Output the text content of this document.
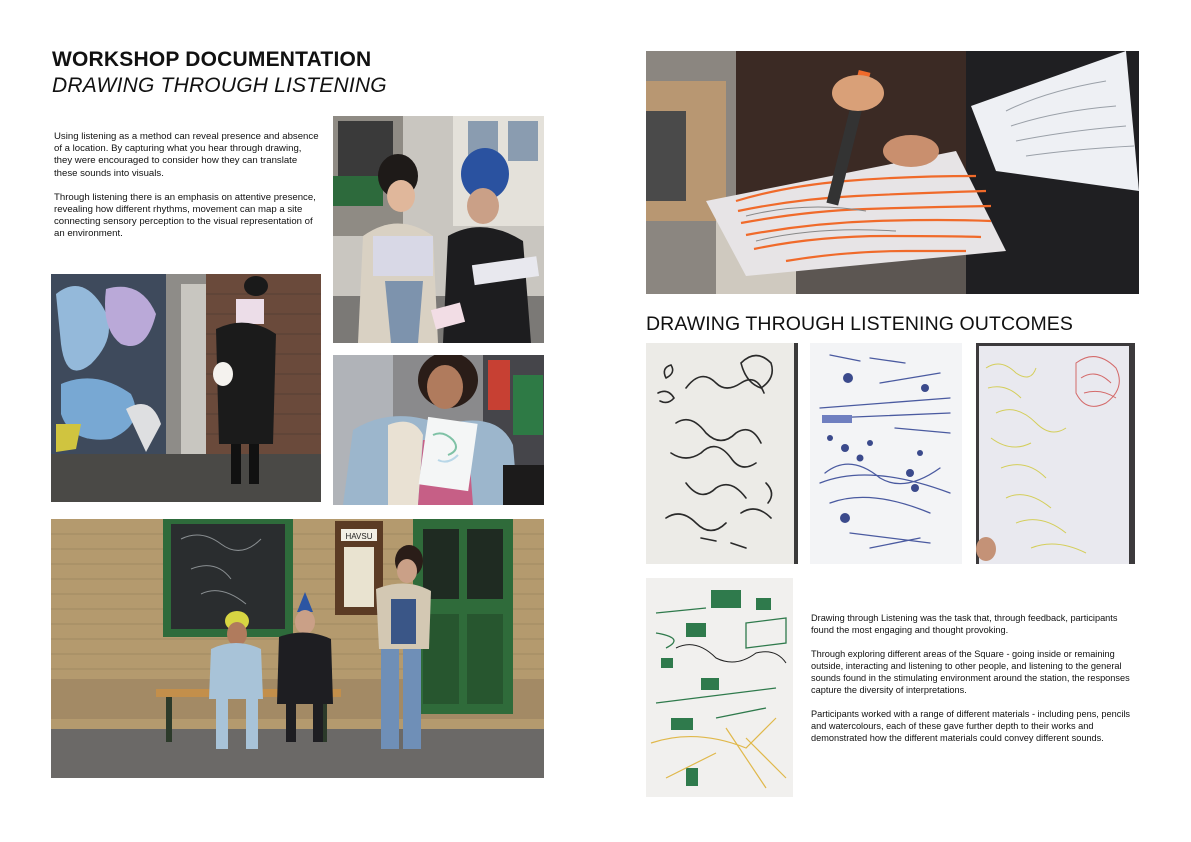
WORKSHOP DOCUMENTATION
DRAWING THROUGH LISTENING

Using listening as a method can reveal presence and absence of a location. By capturing what you hear through drawing, they were encouraged to consider how they can translate these sounds into visuals.

Through listening there is an emphasis on attentive presence, revealing how different rhythms, movement can map a site connecting sensory perception to the visual representation of an environment.

HAVSU
DRAWING THROUGH LISTENING OUTCOMES

Drawing through Listening was the task that, through feedback, participants found the most engaging and thought provoking.

Through exploring different areas of the Square - going inside or remaining outside, interacting and listening to other people, and listening to the general sounds found in the stimulating environment around the station, the responses capture the diversity of interpretations.

Participants worked with a range of different materials - including pens, pencils and watercolours, each of these gave further depth to their works and demonstrated how the different materials could convey different sounds.
